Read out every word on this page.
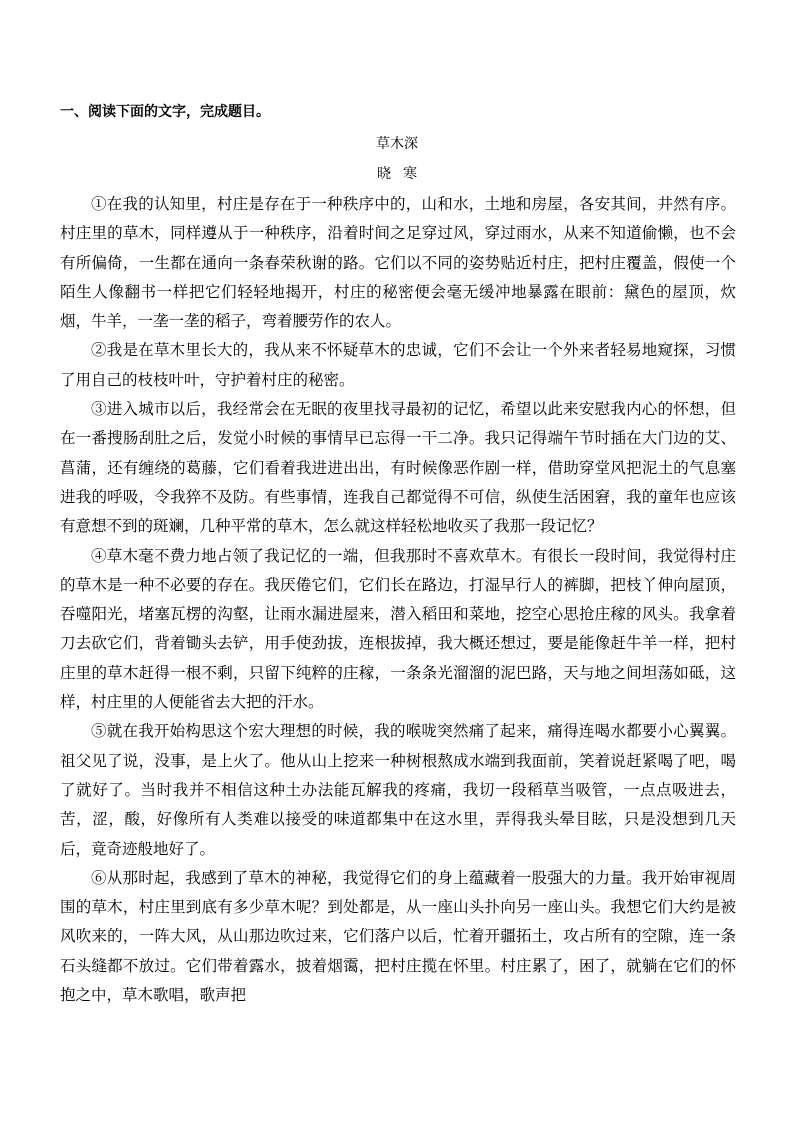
一、阅读下面的文字，完成题目。
草木深
晓寒

①在我的认知里，村庄是存在于一种秩序中的，山和水，土地和房屋，各安其间，井然有序。村庄里的草木，同样遵从于一种秩序，沿着时间之足穿过风，穿过雨水，从来不知道偷懒，也不会有所偏倚，一生都在通向一条春荣秋谢的路。它们以不同的姿势贴近村庄，把村庄覆盖，假使一个陌生人像翻书一样把它们轻轻地揭开，村庄的秘密便会毫无缓冲地暴露在眼前：黛色的屋顶，炊烟，牛羊，一垄一垄的稻子，弯着腰劳作的农人。

②我是在草木里长大的，我从来不怀疑草木的忠诚，它们不会让一个外来者轻易地窥探，习惯了用自己的枝枝叶叶，守护着村庄的秘密。

③进入城市以后，我经常会在无眠的夜里找寻最初的记忆，希望以此来安慰我内心的怀想，但在一番搜肠刮肚之后，发觉小时候的事情早已忘得一干二净。我只记得端午节时插在大门边的艾、菖蒲，还有缠绕的葛藤，它们看着我进进出出，有时候像恶作剧一样，借助穿堂风把泥土的气息塞进我的呼吸，令我猝不及防。有些事情，连我自己都觉得不可信，纵使生活困窘，我的童年也应该有意想不到的斑斓，几种平常的草木，怎么就这样轻松地收买了我那一段记忆？

④草木毫不费力地占领了我记忆的一端，但我那时不喜欢草木。有很长一段时间，我觉得村庄的草木是一种不必要的存在。我厌倦它们，它们长在路边，打湿早行人的裤脚，把枝丫伸向屋顶，吞噬阳光，堵塞瓦楞的沟壑，让雨水漏进屋来，潜入稻田和菜地，挖空心思抢庄稼的风头。我拿着刀去砍它们，背着锄头去铲，用手使劲拔，连根拔掉，我大概还想过，要是能像赶牛羊一样，把村庄里的草木赶得一根不剩，只留下纯粹的庄稼，一条条光溜溜的泥巴路，天与地之间坦荡如砥，这样，村庄里的人便能省去大把的汗水。

⑤就在我开始构思这个宏大理想的时候，我的喉咙突然痛了起来，痛得连喝水都要小心翼翼。祖父见了说，没事，是上火了。他从山上挖来一种树根熬成水端到我面前，笑着说赶紧喝了吧，喝了就好了。当时我并不相信这种土办法能瓦解我的疼痛，我切一段稻草当吸管，一点点吸进去，苦，涩，酸，好像所有人类难以接受的味道都集中在这水里，弄得我头晕目眩，只是没想到几天后，竟奇迹般地好了。

⑥从那时起，我感到了草木的神秘，我觉得它们的身上蕴藏着一股强大的力量。我开始审视周围的草木，村庄里到底有多少草木呢？到处都是，从一座山头扑向另一座山头。我想它们大约是被风吹来的，一阵大风，从山那边吹过来，它们落户以后，忙着开疆拓土，攻占所有的空隙，连一条石头缝都不放过。它们带着露水，披着烟霭，把村庄揽在怀里。村庄累了，困了，就躺在它们的怀抱之中，草木歌唱，歌声把
